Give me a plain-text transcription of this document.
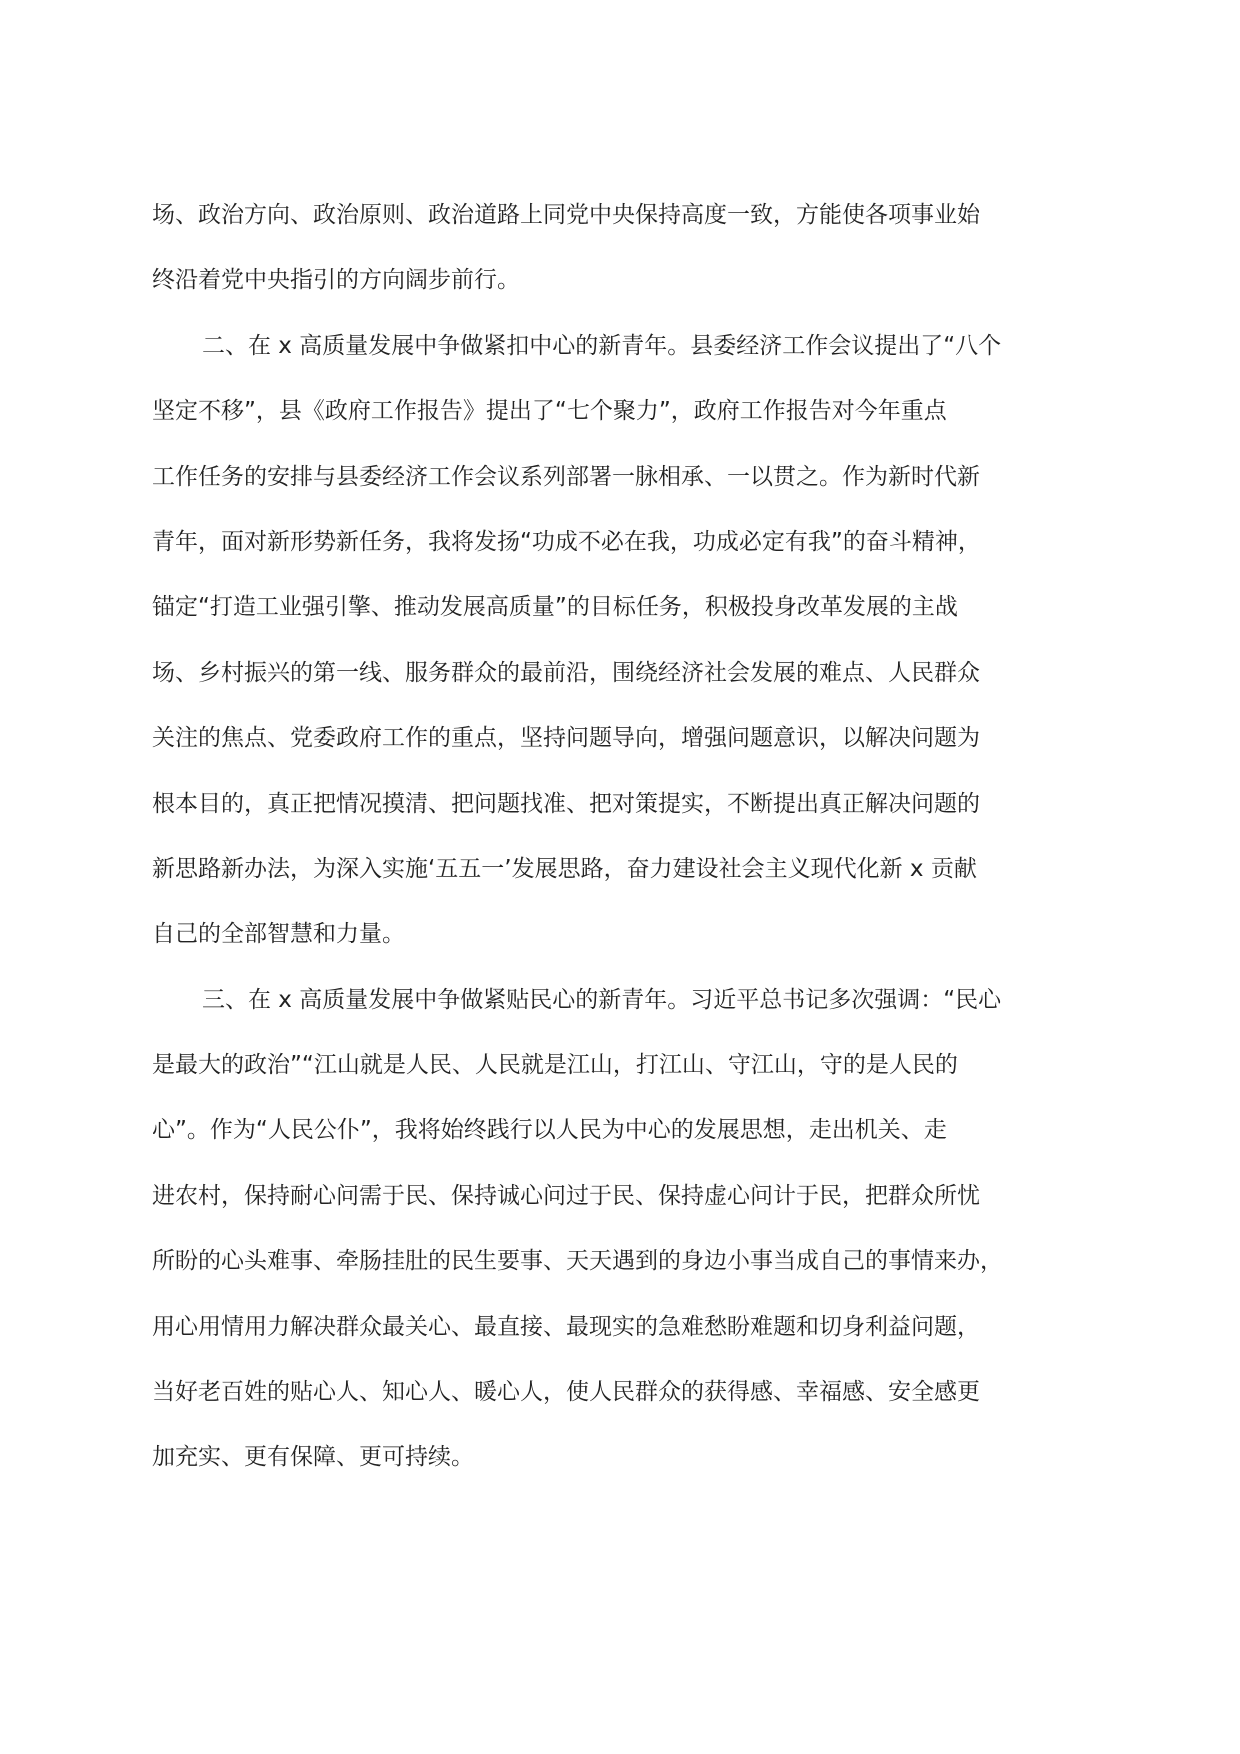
场、政治方向、政治原则、政治道路上同党中央保持高度一致，方能使各项事业始
终沿着党中央指引的方向阔步前行。
二、在 x 高质量发展中争做紧扣中心的新青年。县委经济工作会议提出了“八个
坚定不移”，县《政府工作报告》提出了“七个聚力”，政府工作报告对今年重点
工作任务的安排与县委经济工作会议系列部署一脉相承、一以贯之。作为新时代新
青年，面对新形势新任务，我将发扬“功成不必在我，功成必定有我”的奋斗精神，
锚定“打造工业强引擎、推动发展高质量”的目标任务，积极投身改革发展的主战
场、乡村振兴的第一线、服务群众的最前沿，围绕经济社会发展的难点、人民群众
关注的焦点、党委政府工作的重点，坚持问题导向，增强问题意识，以解决问题为
根本目的，真正把情况摸清、把问题找准、把对策提实，不断提出真正解决问题的
新思路新办法，为深入实施‘五五一’发展思路，奋力建设社会主义现代化新 x 贡献
自己的全部智慧和力量。
三、在 x 高质量发展中争做紧贴民心的新青年。习近平总书记多次强调：“民心
是最大的政治”“江山就是人民、人民就是江山，打江山、守江山，守的是人民的
心”。作为“人民公仆”，我将始终践行以人民为中心的发展思想，走出机关、走
进农村，保持耐心问需于民、保持诚心问过于民、保持虚心问计于民，把群众所忧
所盼的心头难事、牵肠挂肚的民生要事、天天遇到的身边小事当成自己的事情来办，
用心用情用力解决群众最关心、最直接、最现实的急难愁盼难题和切身利益问题，
当好老百姓的贴心人、知心人、暖心人，使人民群众的获得感、幸福感、安全感更
加充实、更有保障、更可持续。
